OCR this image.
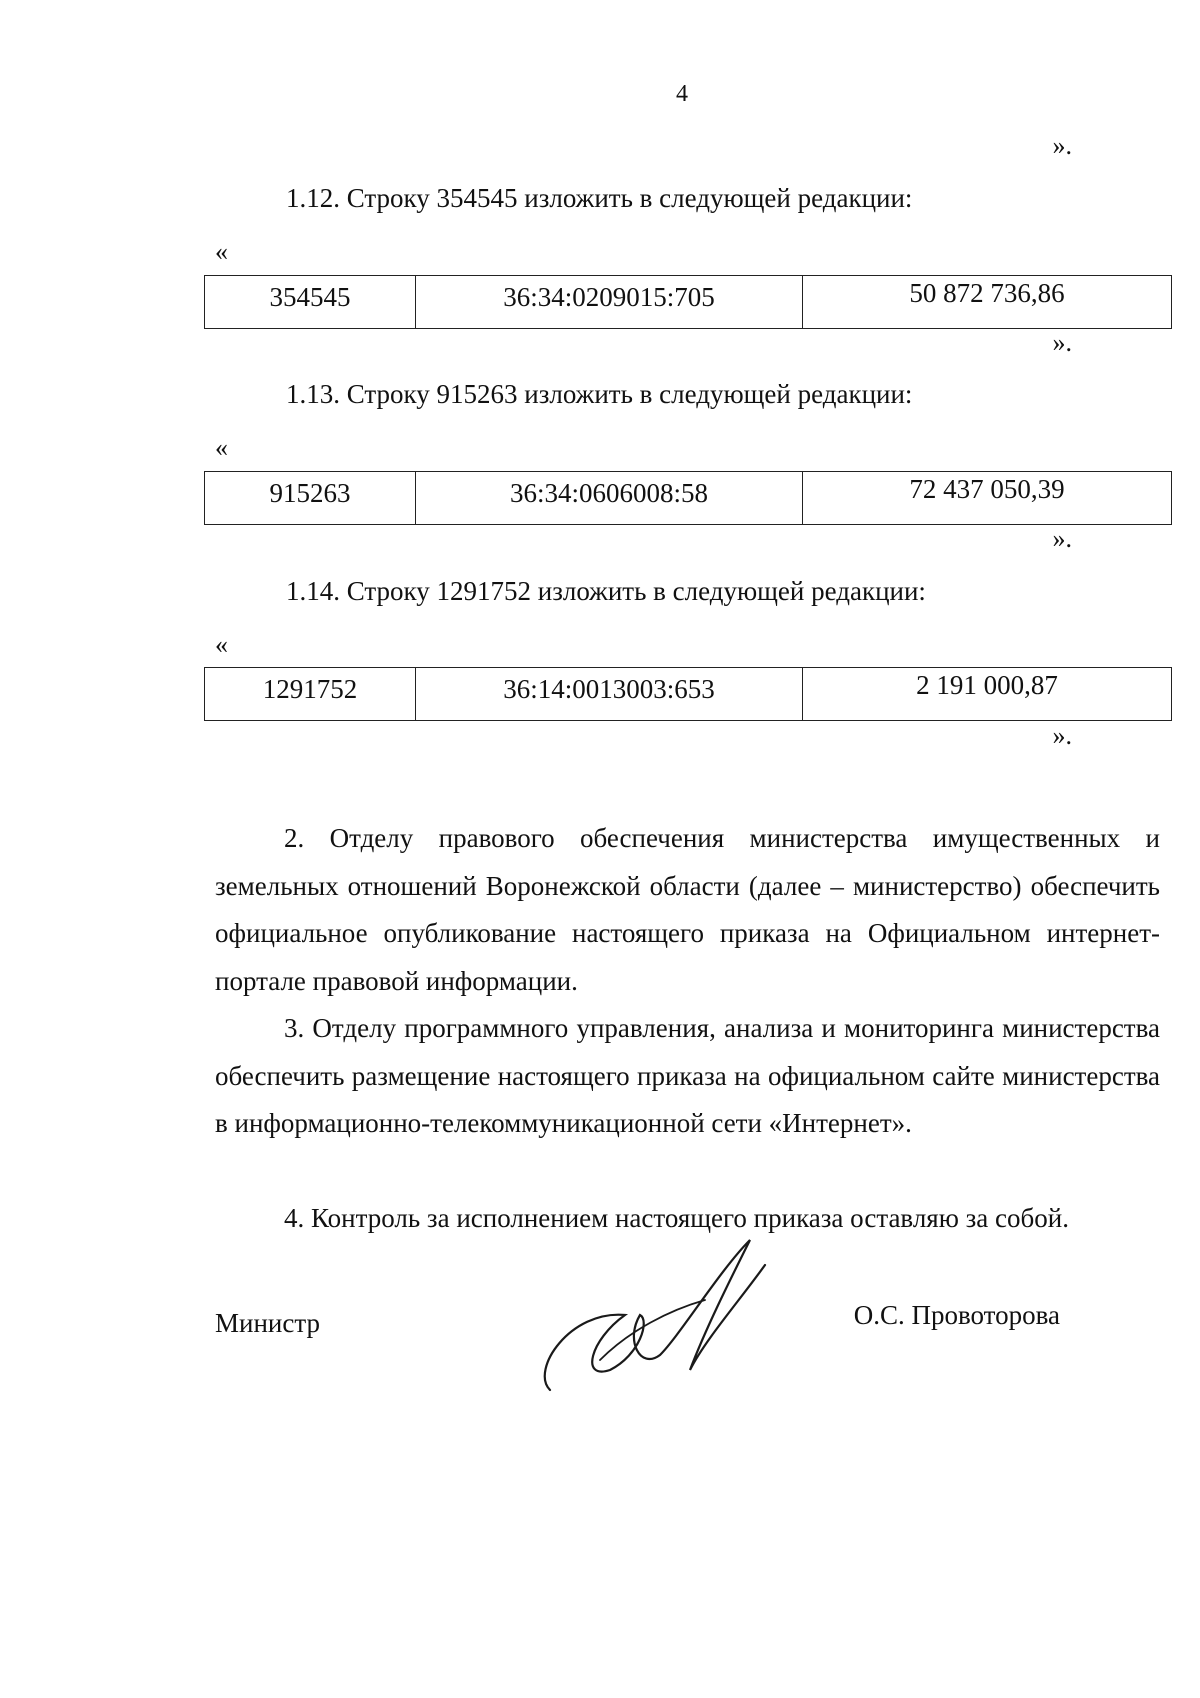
4
».
1.12. Строку 354545 изложить в следующей редакции:
«
354545	36:34:0209015:705	50 872 736,86
».
1.13. Строку 915263 изложить в следующей редакции:
«
915263	36:34:0606008:58	72 437 050,39
».
1.14. Строку 1291752 изложить в следующей редакции:
«
1291752	36:14:0013003:653	2 191 000,87
».
2. Отделу правового обеспечения министерства имущественных и земельных отношений Воронежской области (далее – министерство) обеспечить официальное опубликование настоящего приказа на Официальном интернет-портале правовой информации.
3. Отделу программного управления, анализа и мониторинга министерства обеспечить размещение настоящего приказа на официальном сайте министерства в информационно-телекоммуникационной сети «Интернет».
4. Контроль за исполнением настоящего приказа оставляю за собой.
Министр	О.С. Провоторова
